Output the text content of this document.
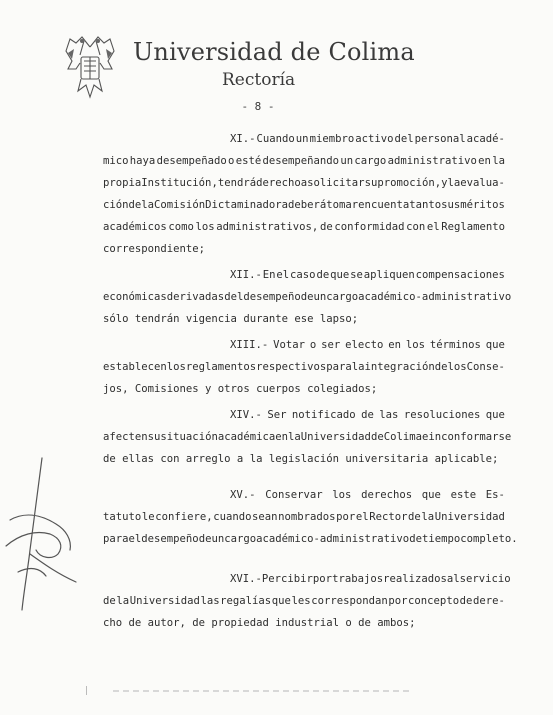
Universidad de Colima
Rectoría
- 8 -
XI.- Cuando un miembro activo del personal acadé-
mico haya desempeñado o esté desempeñando un cargo administrativo en la
propia Institución, tendrá derecho a solicitar su promoción, y la evalua-
ción de la Comisión Dictaminadora deberá tomar en cuenta tanto sus méritos
académicos como los administrativos, de conformidad con el Reglamento
correspondiente;
XII.- En el caso de que se apliquen compensaciones
económicas derivadas del desempeño de un cargo académico-administrativo
sólo tendrán vigencia durante ese lapso;
XIII.- Votar o ser electo en los términos que
establecen los reglamentos respectivos para la integración de los Conse-
jos, Comisiones y otros cuerpos colegiados;
XIV.- Ser notificado de las resoluciones que
afecten su situación académica en la Universidad de Colima e inconformarse
de ellas con arreglo a la legislación universitaria aplicable;
XV.- Conservar los derechos que este Es-
tatuto le confiere, cuando sean nombrados por el Rector de la Universidad
para el desempeño de un cargo académico-administrativo de tiempo completo.
XVI.- Percibir por trabajos realizados al servicio
de la Universidad las regalías que les correspondan por concepto de dere-
cho de autor, de propiedad industrial o de ambos;
